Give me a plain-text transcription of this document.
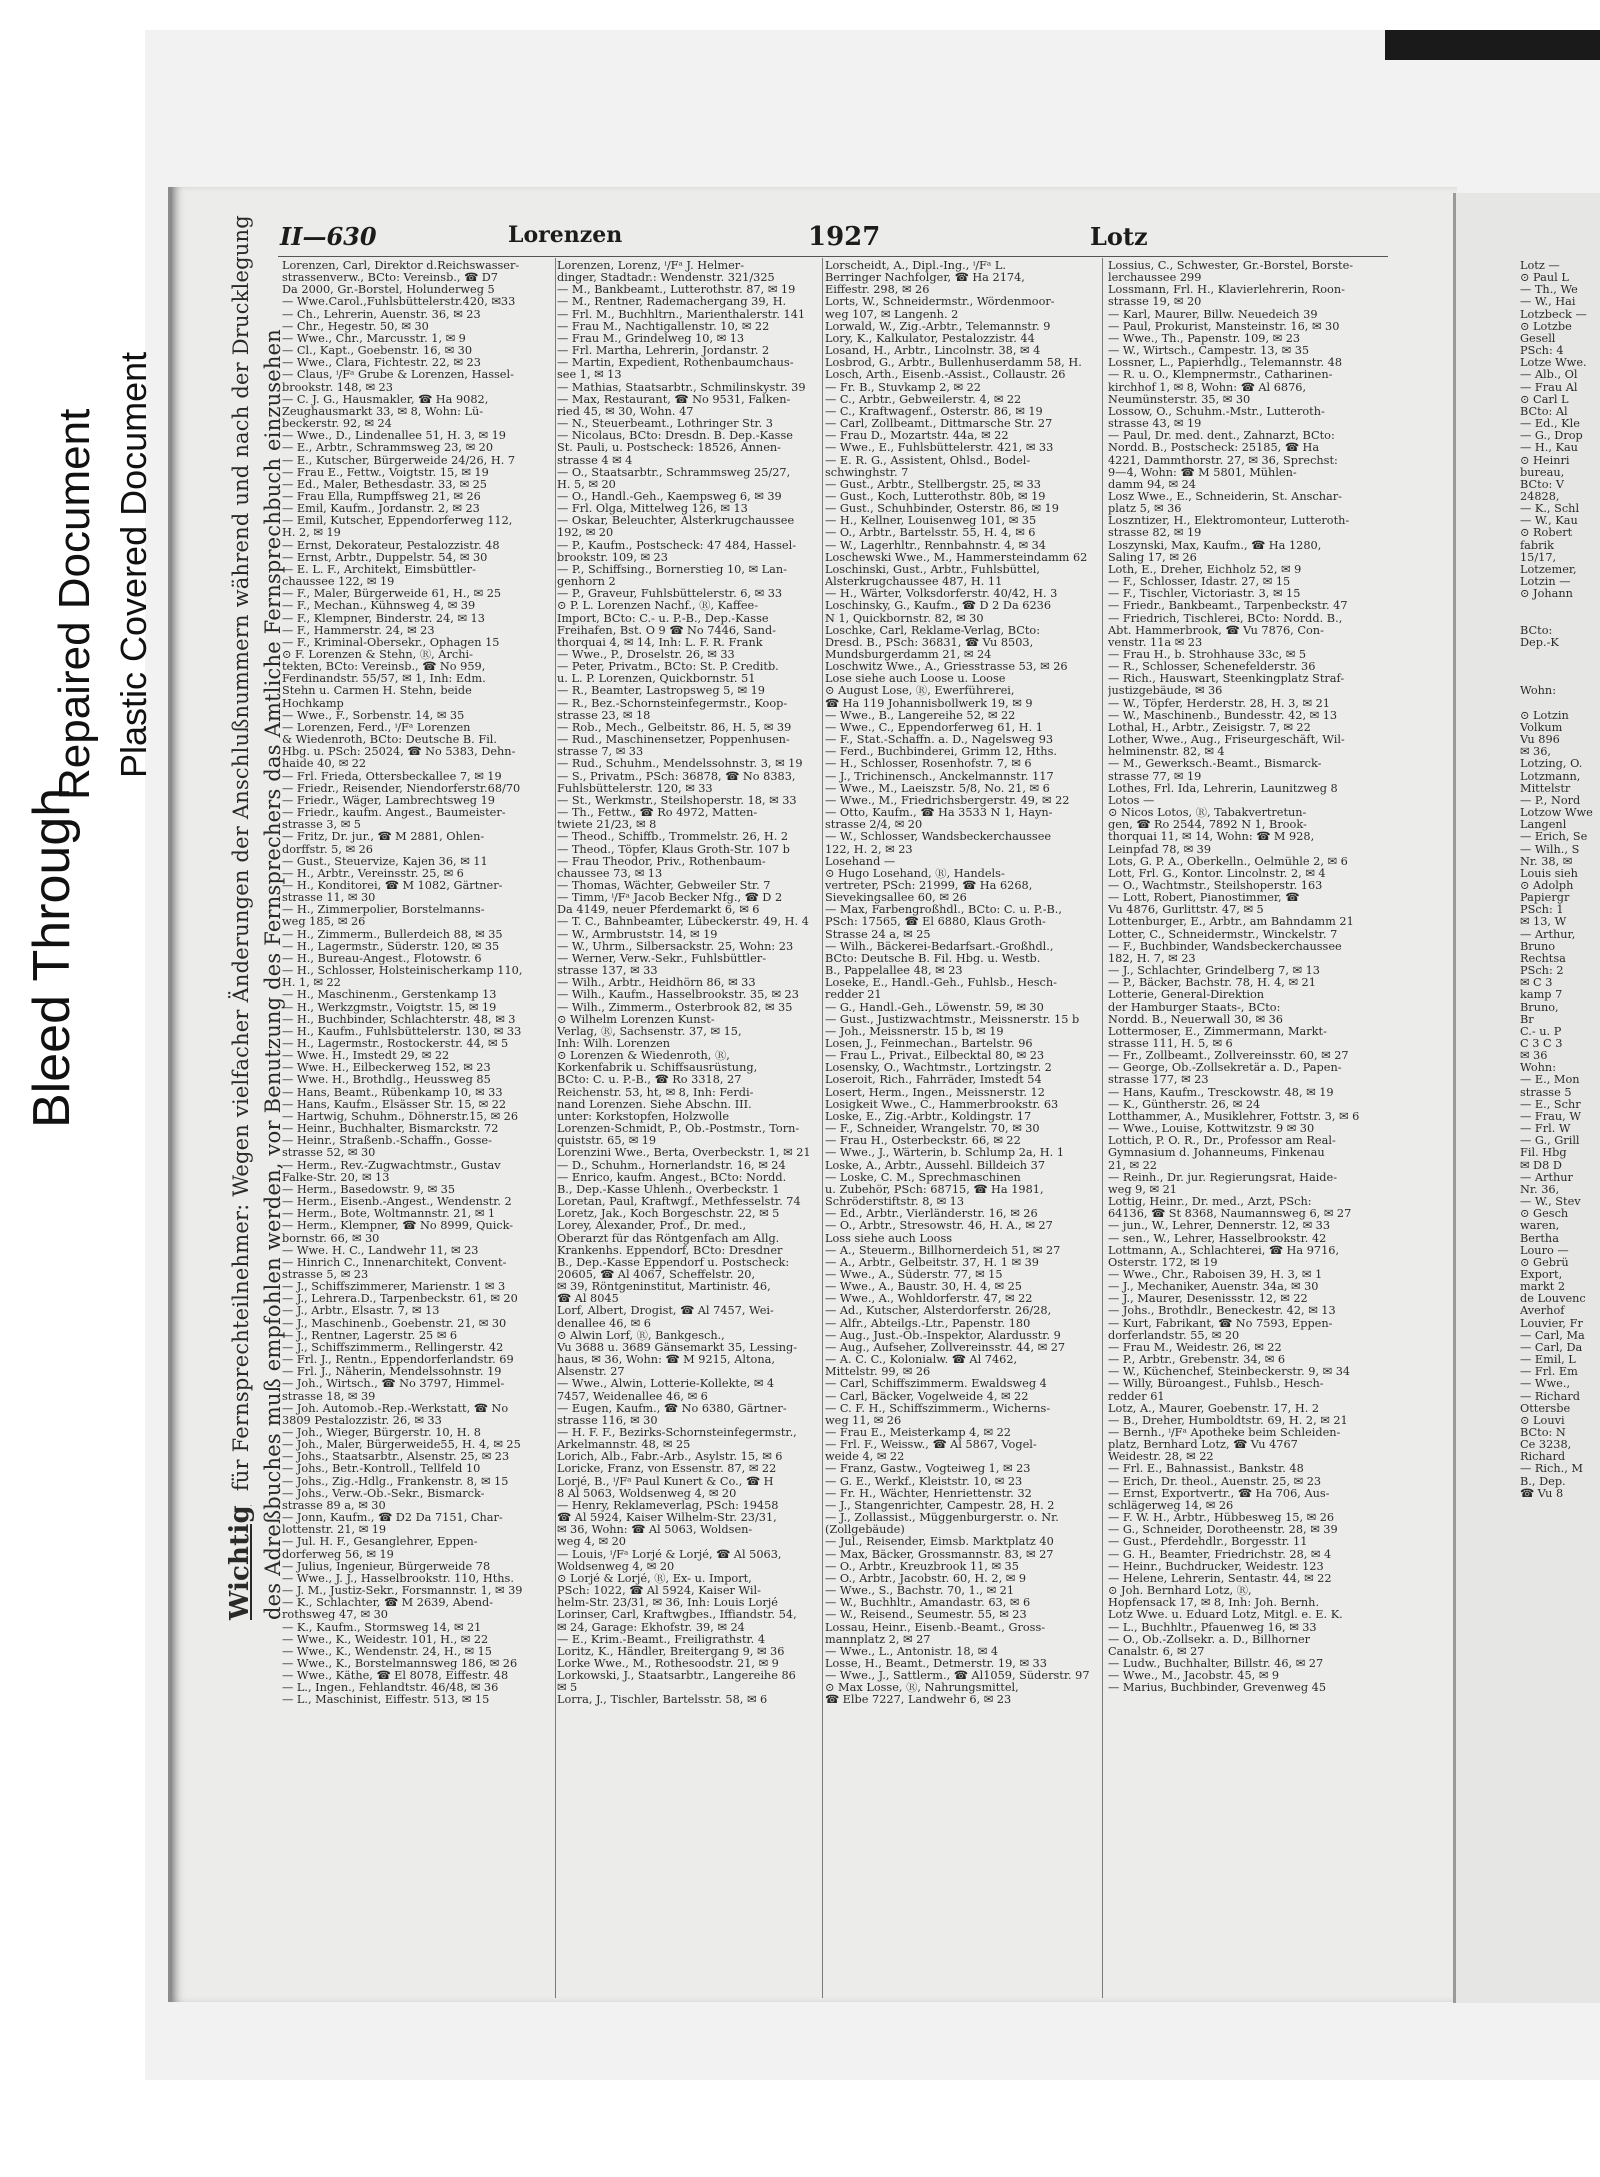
Bleed Through
Repaired Document Plastic Covered Document
II—630	Lorenzen	1927	Lotz
Wichtigfür Fernsprechteilnehmer: Wegen vielfacher Änderungen der Anschlußnummern während und nach der Drucklegung des Adreßbuches muß empfohlen werden, vor Benutzung des Fernsprechers das Amtliche Fernsprechbuch einzusehen
Lorenzen, Carl, Direktor d.Reichswasser-
strassenverw., BCto: Vereinsb., ☎ D7
Da 2000, Gr.-Borstel, Holunderweg 5
— Wwe.Carol.,Fuhlsbüttelerstr.420, ✉33
— Ch., Lehrerin, Auenstr. 36, ✉ 23
— Chr., Hegestr. 50, ✉ 30
— Wwe., Chr., Marcusstr. 1, ✉ 9
— Cl., Kapt., Goebenstr. 16, ✉ 30
— Wwe., Clara, Fichtestr. 22, ✉ 23
— Claus, ⁱ/Fᵃ Grube & Lorenzen, Hassel-
brookstr. 148, ✉ 23
— C. J. G., Hausmakler, ☎ Ha 9082,
Zeughausmarkt 33, ✉ 8, Wohn: Lü-
beckerstr. 92, ✉ 24
— Wwe., D., Lindenallee 51, H. 3, ✉ 19
— E., Arbtr., Schrammsweg 23, ✉ 20
— E., Kutscher, Bürgerweide 24/26, H. 7
— Frau E., Fettw., Voigtstr. 15, ✉ 19
— Ed., Maler, Bethesdastr. 33, ✉ 25
— Frau Ella, Rumpffsweg 21, ✉ 26
— Emil, Kaufm., Jordanstr. 2, ✉ 23
— Emil, Kutscher, Eppendorferweg 112,
H. 2, ✉ 19
— Ernst, Dekorateur, Pestalozzistr. 48
— Ernst, Arbtr., Duppelstr. 54, ✉ 30
— E. L. F., Architekt, Eimsbüttler-
chaussee 122, ✉ 19
— F., Maler, Bürgerweide 61, H., ✉ 25
— F., Mechan., Kühnsweg 4, ✉ 39
— F., Klempner, Binderstr. 24, ✉ 13
— F., Hammerstr. 24, ✉ 23
— F., Kriminal-Obersekr., Ophagen 15
⊙ F. Lorenzen & Stehn, Ⓡ, Archi-
tekten, BCto: Vereinsb., ☎ No 959,
Ferdinandstr. 55/57, ✉ 1, Inh: Edm.
Stehn u. Carmen H. Stehn, beide
Hochkamp
— Wwe., F., Sorbenstr. 14, ✉ 35
— Lorenzen, Ferd., ⁱ/Fᵃ Lorenzen
& Wiedenroth, BCto: Deutsche B. Fil.
Hbg. u. PSch: 25024, ☎ No 5383, Dehn-
haide 40, ✉ 22
— Frl. Frieda, Ottersbeckallee 7, ✉ 19
— Friedr., Reisender, Niendorferstr.68/70
— Friedr., Wäger, Lambrechtsweg 19
— Friedr., kaufm. Angest., Baumeister-
strasse 3, ✉ 5
— Fritz, Dr. jur., ☎ M 2881, Ohlen-
dorffstr. 5, ✉ 26
— Gust., Steuervize, Kajen 36, ✉ 11
— H., Arbtr., Vereinsstr. 25, ✉ 6
— H., Konditorei, ☎ M 1082, Gärtner-
strasse 11, ✉ 30
— H., Zimmerpolier, Borstelmanns-
weg 185, ✉ 26
— H., Zimmerm., Bullerdeich 88, ✉ 35
— H., Lagermstr., Süderstr. 120, ✉ 35
— H., Bureau-Angest., Flotowstr. 6
— H., Schlosser, Holsteinischerkamp 110,
H. 1, ✉ 22
— H., Maschinenm., Gerstenkamp 13
— H., Werkzgmstr., Voigtstr. 15, ✉ 19
— H., Buchbinder, Schlachterstr. 48, ✉ 3
— H., Kaufm., Fuhlsbüttelerstr. 130, ✉ 33
— H., Lagermstr., Rostockerstr. 44, ✉ 5
— Wwe. H., Imstedt 29, ✉ 22
— Wwe. H., Eilbeckerweg 152, ✉ 23
— Wwe. H., Brothdlg., Heussweg 85
— Hans, Beamt., Rübenkamp 10, ✉ 33
— Hans, Kaufm., Elsässer Str. 15, ✉ 22
— Hartwig, Schuhm., Döhnerstr.15, ✉ 26
— Heinr., Buchhalter, Bismarckstr. 72
— Heinr., Straßenb.-Schaffn., Gosse-
strasse 52, ✉ 30
— Herm., Rev.-Zugwachtmstr., Gustav
Falke-Str. 20, ✉ 13
— Herm., Basedowstr. 9, ✉ 35
— Herm., Eisenb.-Angest., Wendenstr. 2
— Herm., Bote, Woltmannstr. 21, ✉ 1
— Herm., Klempner, ☎ No 8999, Quick-
bornstr. 66, ✉ 30
— Wwe. H. C., Landwehr 11, ✉ 23
— Hinrich C., Innenarchitekt, Convent-
strasse 5, ✉ 23
— J., Schiffszimmerer, Marienstr. 1 ✉ 3
— J., Lehrera.D., Tarpenbeckstr. 61, ✉ 20
— J., Arbtr., Elsastr. 7, ✉ 13
— J., Maschinenb., Goebenstr. 21, ✉ 30
— J., Rentner, Lagerstr. 25 ✉ 6
— J., Schiffszimmerm., Rellingerstr. 42
— Frl. J., Rentn., Eppendorferlandstr. 69
— Frl. J., Näherin, Mendelssohnstr. 19
— Joh., Wirtsch., ☎ No 3797, Himmel-
strasse 18, ✉ 39
— Joh. Automob.-Rep.-Werkstatt, ☎ No
3809 Pestalozzistr. 26, ✉ 33
— Joh., Wieger, Bürgerstr. 10, H. 8
— Joh., Maler, Bürgerweide55, H. 4, ✉ 25
— Johs., Staatsarbtr., Alsenstr. 25, ✉ 23
— Johs., Betr.-Kontroll., Tellfeld 10
— Johs., Zig.-Hdlg., Frankenstr. 8, ✉ 15
— Johs., Verw.-Ob.-Sekr., Bismarck-
strasse 89 a, ✉ 30
— Jonn, Kaufm., ☎ D2 Da 7151, Char-
lottenstr. 21, ✉ 19
— Jul. H. F., Gesanglehrer, Eppen-
dorferweg 56, ✉ 19
— Julius, Ingenieur, Bürgerweide 78
— Wwe., J. J., Hasselbrookstr. 110, Hths.
— J. M., Justiz-Sekr., Forsmannstr. 1, ✉ 39
— K., Schlachter, ☎ M 2639, Abend-
rothsweg 47, ✉ 30
— K., Kaufm., Stormsweg 14, ✉ 21
— Wwe., K., Weidestr. 101, H., ✉ 22
— Wwe., K., Wendenstr. 24, H., ✉ 15
— Wwe., K., Borstelmannsweg 186, ✉ 26
— Wwe., Käthe, ☎ El 8078, Eiffestr. 48
— L., Ingen., Fehlandtstr. 46/48, ✉ 36
— L., Maschinist, Eiffestr. 513, ✉ 15
Lorenzen, Lorenz, ⁱ/Fᵃ J. Helmer-
dinger, Stadtadr.: Wendenstr. 321/325
— M., Bankbeamt., Lutterothstr. 87, ✉ 19
— M., Rentner, Rademachergang 39, H.
— Frl. M., Buchhltrn., Marienthalerstr. 141
— Frau M., Nachtigallenstr. 10, ✉ 22
— Frau M., Grindelweg 10, ✉ 13
— Frl. Martha, Lehrerin, Jordanstr. 2
— Martin, Expedient, Rothenbaumchaus-
see 1, ✉ 13
— Mathias, Staatsarbtr., Schmilinskystr. 39
— Max, Restaurant, ☎ No 9531, Falken-
ried 45, ✉ 30, Wohn. 47
— N., Steuerbeamt., Lothringer Str. 3
— Nicolaus, BCto: Dresdn. B. Dep.-Kasse
St. Pauli, u. Postscheck: 18526, Annen-
strasse 4 ✉ 4
— O., Staatsarbtr., Schrammsweg 25/27,
H. 5, ✉ 20
— O., Handl.-Geh., Kaempsweg 6, ✉ 39
— Frl. Olga, Mittelweg 126, ✉ 13
— Oskar, Beleuchter, Alsterkrugchaussee
192, ✉ 20
— P., Kaufm., Postscheck: 47 484, Hassel-
brookstr. 109, ✉ 23
— P., Schiffsing., Bornerstieg 10, ✉ Lan-
genhorn 2
— P., Graveur, Fuhlsbüttelerstr. 6, ✉ 33
⊙ P. L. Lorenzen Nachf., Ⓡ, Kaffee-
Import, BCto: C.- u. P.-B., Dep.-Kasse
Freihafen, Bst. O 9 ☎ No 7446, Sand-
thorquai 4, ✉ 14, Inh: L. F. R. Frank
— Wwe., P., Droselstr. 26, ✉ 33
— Peter, Privatm., BCto: St. P. Creditb.
u. L. P. Lorenzen, Quickbornstr. 51
— R., Beamter, Lastropsweg 5, ✉ 19
— R., Bez.-Schornsteinfegermstr., Koop-
strasse 23, ✉ 18
— Rob., Mech., Gelbeitstr. 86, H. 5, ✉ 39
— Rud., Maschinensetzer, Poppenhusen-
strasse 7, ✉ 33
— Rud., Schuhm., Mendelssohnstr. 3, ✉ 19
— S., Privatm., PSch: 36878, ☎ No 8383,
Fuhlsbüttelerstr. 120, ✉ 33
— St., Werkmstr., Steilshoperstr. 18, ✉ 33
— Th., Fettw., ☎ Ro 4972, Matten-
twiete 21/23, ✉ 8
— Theod., Schiffb., Trommelstr. 26, H. 2
— Theod., Töpfer, Klaus Groth-Str. 107 b
— Frau Theodor, Priv., Rothenbaum-
chaussee 73, ✉ 13
— Thomas, Wächter, Gebweiler Str. 7
— Timm, ⁱ/Fᵃ Jacob Becker Nfg., ☎ D 2
Da 4149, neuer Pferdemarkt 6, ✉ 6
— T. C., Bahnbeamter, Lübeckerstr. 49, H. 4
— W., Armbruststr. 14, ✉ 19
— W., Uhrm., Silbersackstr. 25, Wohn: 23
— Werner, Verw.-Sekr., Fuhlsbüttler-
strasse 137, ✉ 33
— Wilh., Arbtr., Heidhörn 86, ✉ 33
— Wilh., Kaufm., Hasselbrookstr. 35, ✉ 23
— Wilh., Zimmerm., Osterbrook 82, ✉ 35
⊙ Wilhelm Lorenzen Kunst-
Verlag, Ⓡ, Sachsenstr. 37, ✉ 15,
Inh: Wilh. Lorenzen
⊙ Lorenzen & Wiedenroth, Ⓡ,
Korkenfabrik u. Schiffsausrüstung,
BCto: C. u. P.-B., ☎ Ro 3318, 27
Reichenstr. 53, ht, ✉ 8, Inh: Ferdi-
nand Lorenzen. Siehe Abschn. III.
unter: Korkstopfen, Holzwolle
Lorenzen-Schmidt, P., Ob.-Postmstr., Torn-
quiststr. 65, ✉ 19
Lorenzini Wwe., Berta, Overbeckstr. 1, ✉ 21
— D., Schuhm., Hornerlandstr. 16, ✉ 24
— Enrico, kaufm. Angest., BCto: Nordd.
B., Dep.-Kasse Uhlenh., Overbeckstr. 1
Loretan, Paul, Kraftwgf., Methfesselstr. 74
Loretz, Jak., Koch Borgeschstr. 22, ✉ 5
Lorey, Alexander, Prof., Dr. med.,
Oberarzt für das Röntgenfach am Allg.
Krankenhs. Eppendorf, BCto: Dresdner
B., Dep.-Kasse Eppendorf u. Postscheck:
20605, ☎ Al 4067, Scheffelstr. 20,
✉ 39, Röntgeninstitut, Martinistr. 46,
☎ Al 8045
Lorf, Albert, Drogist, ☎ Al 7457, Wei-
denallee 46, ✉ 6
⊙ Alwin Lorf, Ⓡ, Bankgesch.,
Vu 3688 u. 3689 Gänsemarkt 35, Lessing-
haus, ✉ 36, Wohn: ☎ M 9215, Altona,
Alsenstr. 27
— Wwe., Alwin, Lotterie-Kollekte, ✉ 4
7457, Weidenallee 46, ✉ 6
— Eugen, Kaufm., ☎ No 6380, Gärtner-
strasse 116, ✉ 30
— H. F. F., Bezirks-Schornsteinfegermstr.,
Arkelmannstr. 48, ✉ 25
Lorich, Alb., Fabr.-Arb., Asylstr. 15, ✉ 6
Loricke, Franz, von Essenstr. 87, ✉ 22
Lorjé, B., ⁱ/Fᵃ Paul Kunert & Co., ☎ H
8 Al 5063, Woldsenweg 4, ✉ 20
— Henry, Reklameverlag, PSch: 19458
☎ Al 5924, Kaiser Wilhelm-Str. 23/31,
✉ 36, Wohn: ☎ Al 5063, Woldsen-
weg 4, ✉ 20
— Louis, ⁱ/Fᵃ Lorjé & Lorjé, ☎ Al 5063,
Woldsenweg 4, ✉ 20
⊙ Lorjé & Lorjé, Ⓡ, Ex- u. Import,
PSch: 1022, ☎ Al 5924, Kaiser Wil-
helm-Str. 23/31, ✉ 36, Inh: Louis Lorjé
Lorinser, Carl, Kraftwgbes., Iffiandstr. 54,
✉ 24, Garage: Ekhofstr. 39, ✉ 24
— E., Krim.-Beamt., Freiligrathstr. 4
Loritz, K., Händler, Breitergang 9, ✉ 36
Lorke Wwe., M., Rothesoodstr. 21, ✉ 9
Lorkowski, J., Staatsarbtr., Langereihe 86
✉ 5
Lorra, J., Tischler, Bartelsstr. 58, ✉ 6
Lorscheidt, A., Dipl.-Ing., ⁱ/Fᵃ L.
Berringer Nachfolger, ☎ Ha 2174,
Eiffestr. 298, ✉ 26
Lorts, W., Schneidermstr., Wördenmoor-
weg 107, ✉ Langenh. 2
Lorwald, W., Zig.-Arbtr., Telemannstr. 9
Lory, K., Kalkulator, Pestalozzistr. 44
Losand, H., Arbtr., Lincolnstr. 38, ✉ 4
Losbrod, G., Arbtr., Bullenhuserdamm 58, H.
Losch, Arth., Eisenb.-Assist., Collaustr. 26
— Fr. B., Stuvkamp 2, ✉ 22
— C., Arbtr., Gebweilerstr. 4, ✉ 22
— C., Kraftwagenf., Osterstr. 86, ✉ 19
— Carl, Zollbeamt., Dittmarsche Str. 27
— Frau D., Mozartstr. 44a, ✉ 22
— Wwe., E., Fuhlsbüttelerstr. 421, ✉ 33
— E. R. G., Assistent, Ohlsd., Bodel-
schwinghstr. 7
— Gust., Arbtr., Stellbergstr. 25, ✉ 33
— Gust., Koch, Lutterothstr. 80b, ✉ 19
— Gust., Schuhbinder, Osterstr. 86, ✉ 19
— H., Kellner, Louisenweg 101, ✉ 35
— O., Arbtr., Bartelsstr. 55, H. 4, ✉ 6
— W., Lagerhltr., Rennbahnstr. 4, ✉ 34
Loschewski Wwe., M., Hammersteindamm 62
Loschinski, Gust., Arbtr., Fuhlsbüttel,
Alsterkrugchaussee 487, H. 11
— H., Wärter, Volksdorferstr. 40/42, H. 3
Loschinsky, G., Kaufm., ☎ D 2 Da 6236
N 1, Quickbornstr. 82, ✉ 30
Loschke, Carl, Reklame-Verlag, BCto:
Dresd. B., PSch: 36831, ☎ Vu 8503,
Mundsburgerdamm 21, ✉ 24
Loschwitz Wwe., A., Griesstrasse 53, ✉ 26
Lose siehe auch Loose u. Loose
⊙ August Lose, Ⓡ, Ewerführerei,
☎ Ha 119 Johannisbollwerk 19, ✉ 9
— Wwe., B., Langereihe 52, ✉ 22
— Wwe., C., Eppendorferweg 61, H. 1
— F., Stat.-Schaffn. a. D., Nagelsweg 93
— Ferd., Buchbinderei, Grimm 12, Hths.
— H., Schlosser, Rosenhofstr. 7, ✉ 6
— J., Trichinensch., Anckelmannstr. 117
— Wwe., M., Laeiszstr. 5/8, No. 21, ✉ 6
— Wwe., M., Friedrichsbergerstr. 49, ✉ 22
— Otto, Kaufm., ☎ Ha 3533 N 1, Hayn-
strasse 2/4, ✉ 20
— W., Schlosser, Wandsbeckerchaussee
122, H. 2, ✉ 23
Losehand —
⊙ Hugo Losehand, Ⓡ, Handels-
vertreter, PSch: 21999, ☎ Ha 6268,
Sievekingsallee 60, ✉ 26
— Max, Farbengroßhdl., BCto: C. u. P.-B.,
PSch: 17565, ☎ El 6880, Klaus Groth-
Strasse 24 a, ✉ 25
— Wilh., Bäckerei-Bedarfsart.-Großhdl.,
BCto: Deutsche B. Fil. Hbg. u. Westb.
B., Pappelallee 48, ✉ 23
Loseke, E., Handl.-Geh., Fuhlsb., Hesch-
redder 21
— G., Handl.-Geh., Löwenstr. 59, ✉ 30
— Gust., Justizwachtmstr., Meissnerstr. 15 b
— Joh., Meissnerstr. 15 b, ✉ 19
Losen, J., Feinmechan., Bartelstr. 96
— Frau L., Privat., Eilbecktal 80, ✉ 23
Losensky, O., Wachtmstr., Lortzingstr. 2
Loseroit, Rich., Fahrräder, Imstedt 54
Losert, Herm., Ingen., Meissnerstr. 12
Losigkeit Wwe., C., Hammerbrookstr. 63
Loske, E., Zig.-Arbtr., Koldingstr. 17
— F., Schneider, Wrangelstr. 70, ✉ 30
— Frau H., Osterbeckstr. 66, ✉ 22
— Wwe., J., Wärterin, b. Schlump 2a, H. 1
Loske, A., Arbtr., Aussehl. Billdeich 37
— Loske, C. M., Sprechmaschinen
u. Zubehör, PSch: 68715, ☎ Ha 1981,
Schröderstiftstr. 8, ✉ 13
— Ed., Arbtr., Vierländerstr. 16, ✉ 26
— O., Arbtr., Stresowstr. 46, H. A., ✉ 27
Loss siehe auch Looss
— A., Steuerm., Billhornerdeich 51, ✉ 27
— A., Arbtr., Gelbeitstr. 37, H. 1 ✉ 39
— Wwe., A., Süderstr. 77, ✉ 15
— Wwe., A., Baustr. 30, H. 4, ✉ 25
— Wwe., A., Wohldorferstr. 47, ✉ 22
— Ad., Kutscher, Alsterdorferstr. 26/28,
— Alfr., Abteilgs.-Ltr., Papenstr. 180
— Aug., Just.-Ob.-Inspektor, Alardusstr. 9
— Aug., Aufseher, Zollvereinsstr. 44, ✉ 27
— A. C. C., Kolonialw. ☎ Al 7462,
Mittelstr. 99, ✉ 26
— Carl, Schiffszimmerm. Ewaldsweg 4
— Carl, Bäcker, Vogelweide 4, ✉ 22
— C. F. H., Schiffszimmerm., Wicherns-
weg 11, ✉ 26
— Frau E., Meisterkamp 4, ✉ 22
— Frl. F., Weissw., ☎ Al 5867, Vogel-
weide 4, ✉ 22
— Franz, Gastw., Vogteiweg 1, ✉ 23
— G. E., Werkf., Kleiststr. 10, ✉ 23
— Fr. H., Wächter, Henriettenstr. 32
— J., Stangenrichter, Campestr. 28, H. 2
— J., Zollassist., Müggenburgerstr. o. Nr.
(Zollgebäude)
— Jul., Reisender, Eimsb. Marktplatz 40
— Max, Bäcker, Grossmannstr. 83, ✉ 27
— O., Arbtr., Kreuzbrook 11, ✉ 35
— O., Arbtr., Jacobstr. 60, H. 2, ✉ 9
— Wwe., S., Bachstr. 70, 1., ✉ 21
— W., Buchhltr., Amandastr. 63, ✉ 6
— W., Reisend., Seumestr. 55, ✉ 23
Lossau, Heinr., Eisenb.-Beamt., Gross-
mannplatz 2, ✉ 27
— Wwe., L., Antonistr. 18, ✉ 4
Losse, H., Beamt., Detmerstr. 19, ✉ 33
— Wwe., J., Sattlerm., ☎ Al1059, Süderstr. 97
⊙ Max Losse, Ⓡ, Nahrungsmittel,
☎ Elbe 7227, Landwehr 6, ✉ 23
Lossius, C., Schwester, Gr.-Borstel, Borste-
lerchaussee 299
Lossmann, Frl. H., Klavierlehrerin, Roon-
strasse 19, ✉ 20
— Karl, Maurer, Billw. Neuedeich 39
— Paul, Prokurist, Mansteinstr. 16, ✉ 30
— Wwe., Th., Papenstr. 109, ✉ 23
— W., Wirtsch., Campestr. 13, ✉ 35
Lossner, L., Papierhdlg., Telemannstr. 48
— R. u. O., Klempnermstr., Catharinen-
kirchhof 1, ✉ 8, Wohn: ☎ Al 6876,
Neumünsterstr. 35, ✉ 30
Lossow, O., Schuhm.-Mstr., Lutteroth-
strasse 43, ✉ 19
— Paul, Dr. med. dent., Zahnarzt, BCto:
Nordd. B., Postscheck: 25185, ☎ Ha
4221, Dammthorstr. 27, ✉ 36, Sprechst:
9—4, Wohn: ☎ M 5801, Mühlen-
damm 94, ✉ 24
Losz Wwe., E., Schneiderin, St. Anschar-
platz 5, ✉ 36
Loszntizer, H., Elektromonteur, Lutteroth-
strasse 82, ✉ 19
Loszynski, Max, Kaufm., ☎ Ha 1280,
Saling 17, ✉ 26
Loth, E., Dreher, Eichholz 52, ✉ 9
— F., Schlosser, Idastr. 27, ✉ 15
— F., Tischler, Victoriastr. 3, ✉ 15
— Friedr., Bankbeamt., Tarpenbeckstr. 47
— Friedrich, Tischlerei, BCto: Nordd. B.,
Abt. Hammerbrook, ☎ Vu 7876, Con-
venstr. 11a ✉ 23
— Frau H., b. Strohhause 33c, ✉ 5
— R., Schlosser, Schenefelderstr. 36
— Rich., Hauswart, Steenkingplatz Straf-
justizgebäude, ✉ 36
— W., Töpfer, Herderstr. 28, H. 3, ✉ 21
— W., Maschinenb., Bundesstr. 42, ✉ 13
Lothal, H., Arbtr., Zeisigstr. 7, ✉ 22
Lother, Wwe., Aug., Friseurgeschäft, Wil-
helminenstr. 82, ✉ 4
— M., Gewerksch.-Beamt., Bismarck-
strasse 77, ✉ 19
Lothes, Frl. Ida, Lehrerin, Launitzweg 8
Lotos —
⊙ Nicos Lotos, Ⓡ, Tabakvertretun-
gen, ☎ Ro 2544, 7892 N 1, Brook-
thorquai 11, ✉ 14, Wohn: ☎ M 928,
Leinpfad 78, ✉ 39
Lots, G. P. A., Oberkelln., Oelmühle 2, ✉ 6
Lott, Frl. G., Kontor. Lincolnstr. 2, ✉ 4
— O., Wachtmstr., Steilshoperstr. 163
— Lott, Robert, Pianostimmer, ☎
Vu 4876, Gurlittstr. 47, ✉ 5
Lottenburger, E., Arbtr., am Bahndamm 21
Lotter, C., Schneidermstr., Winckelstr. 7
— F., Buchbinder, Wandsbeckerchaussee
182, H. 7, ✉ 23
— J., Schlachter, Grindelberg 7, ✉ 13
— P., Bäcker, Bachstr. 78, H. 4, ✉ 21
Lotterie, General-Direktion
der Hamburger Staats-, BCto:
Nordd. B., Neuerwall 30, ✉ 36
Lottermoser, E., Zimmermann, Markt-
strasse 111, H. 5, ✉ 6
— Fr., Zollbeamt., Zollvereinsstr. 60, ✉ 27
— George, Ob.-Zollsekretär a. D., Papen-
strasse 177, ✉ 23
— Hans, Kaufm., Tresckowstr. 48, ✉ 19
— K., Güntherstr. 26, ✉ 24
Lotthammer, A., Musiklehrer, Fottstr. 3, ✉ 6
— Wwe., Louise, Kottwitzstr. 9 ✉ 30
Lottich, P. O. R., Dr., Professor am Real-
Gymnasium d. Johanneums, Finkenau
21, ✉ 22
— Reinh., Dr. jur. Regierungsrat, Haide-
weg 9, ✉ 21
Lottig, Heinr., Dr. med., Arzt, PSch:
64136, ☎ St 8368, Naumannsweg 6, ✉ 27
— jun., W., Lehrer, Dennerstr. 12, ✉ 33
— sen., W., Lehrer, Hasselbrookstr. 42
Lottmann, A., Schlachterei, ☎ Ha 9716,
Osterstr. 172, ✉ 19
— Wwe., Chr., Raboisen 39, H. 3, ✉ 1
— J., Mechaniker, Auenstr. 34a, ✉ 30
— J., Maurer, Desenissstr. 12, ✉ 22
— Johs., Brothdlr., Beneckestr. 42, ✉ 13
— Kurt, Fabrikant, ☎ No 7593, Eppen-
dorferlandstr. 55, ✉ 20
— Frau M., Weidestr. 26, ✉ 22
— P., Arbtr., Grebenstr. 34, ✉ 6
— W., Küchenchef, Steinbeckerstr. 9, ✉ 34
— Willy, Büroangest., Fuhlsb., Hesch-
redder 61
Lotz, A., Maurer, Goebenstr. 17, H. 2
— B., Dreher, Humboldtstr. 69, H. 2, ✉ 21
— Bernh., ⁱ/Fᵃ Apotheke beim Schleiden-
platz, Bernhard Lotz, ☎ Vu 4767
Weidestr. 28, ✉ 22
— Frl. E., Bahnassist., Bankstr. 48
— Erich, Dr. theol., Auenstr. 25, ✉ 23
— Ernst, Exportvertr., ☎ Ha 706, Aus-
schlägerweg 14, ✉ 26
— F. W. H., Arbtr., Hübbesweg 15, ✉ 26
— G., Schneider, Dorotheenstr. 28, ✉ 39
— Gust., Pferdehdlr., Borgesstr. 11
— G. H., Beamter, Friedrichstr. 28, ✉ 4
— Heinr., Buchdrucker, Weidestr. 123
— Helene, Lehrerin, Sentastr. 44, ✉ 22
⊙ Joh. Bernhard Lotz, Ⓡ,
Hopfensack 17, ✉ 8, Inh: Joh. Bernh.
Lotz Wwe. u. Eduard Lotz, Mitgl. e. E. K.
— L., Buchhltr., Pfauenweg 16, ✉ 33
— O., Ob.-Zollsekr. a. D., Billhorner
Canalstr. 6, ✉ 27
— Ludw., Buchhalter, Billstr. 46, ✉ 27
— Wwe., M., Jacobstr. 45, ✉ 9
— Marius, Buchbinder, Grevenweg 45
Lotz —
⊙ Paul L
— Th., We
— W., Hai
Lotzbeck —
⊙ Lotzbe
Gesell
PSch: 4
Lotze Wwe.
— Alb., Ol
— Frau Al
⊙ Carl L
BCto: Al
— Ed., Kle
— G., Drop
— H., Kau
⊙ Heinri
bureau,
BCto: V
24828,
— K., Schl
— W., Kau
⊙ Robert
fabrik
15/17,
Lotzemer,
Lotzin —
⊙ Johann

BCto:
Dep.-K

Wohn:

⊙ Lotzin
Volkum
Vu 896
✉ 36,
Lotzing, O.
Lotzmann,
Mittelstr
— P., Nord
Lotzow Wwe
Langenl
— Erich, Se
— Wilh., S
Nr. 38, ✉
Louis sieh
⊙ Adolph
Papiergr
PSch: 1
✉ 13, W
— Arthur,
Bruno
Rechtsa
PSch: 2
✉ C 3
kamp 7
Bruno,
Br
C.- u. P
C 3 C 3
✉ 36
Wohn:
— E., Mon
strasse 5
— E., Schr
— Frau, W
— Frl. W
— G., Grill
Fil. Hbg
✉ D8 D
— Arthur
Nr. 36,
— W., Stev
⊙ Gesch
waren,
Bertha
Louro —
⊙ Gebrü
Export,
markt 2
de Louvenc
Averhof
Louvier, Fr
— Carl, Ma
— Carl, Da
— Emil, L
— Frl. Em
— Wwe.,
— Richard
Ottersbe
⊙ Louvi
BCto: N
Ce 3238,
Richard
— Rich., M
B., Dep.
☎ Vu 8
